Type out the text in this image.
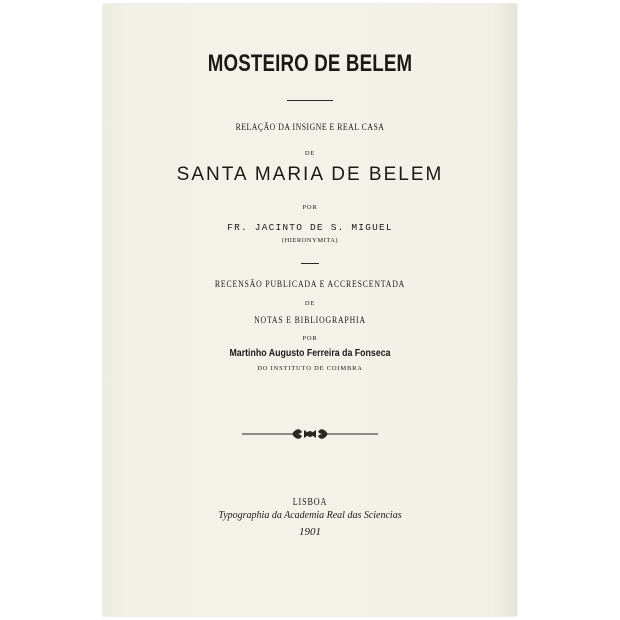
MOSTEIRO DE BELEM
RELAÇÃO DA INSIGNE E REAL CASA
DE
SANTA MARIA DE BELEM
POR
FR. JACINTO DE S. MIGUEL
(HIERONYMITA)
RECENSÃO PUBLICADA E ACCRESCENTADA
DE
NOTAS E BIBLIOGRAPHIA
POR
Martinho Augusto Ferreira da Fonseca
DO INSTITUTO DE COIMBRA
LISBOA
Typographia da Academia Real das Sciencias
1901
